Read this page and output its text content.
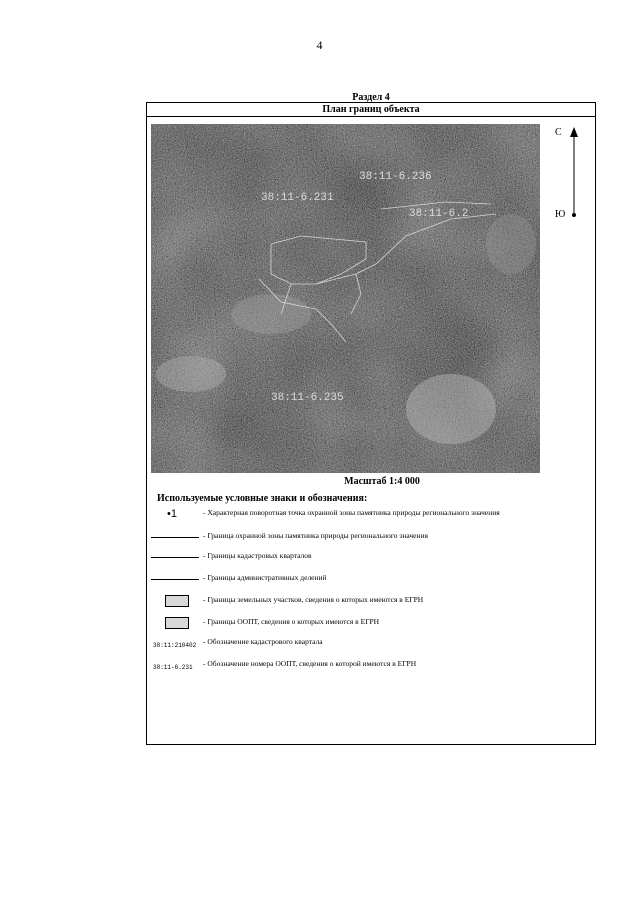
4
Раздел 4
План границ объекта
38:11-6.236
38:11-6.231
38:11-6.2
38:11-6.235
С
Ю
Масштаб 1:4 000
Используемые условные знаки и обозначения:
•1	- Характерная поворотная точка охранной зоны памятника природы регионального значения
- Граница охранной зоны памятника природы регионального значения
- Границы кадастровых кварталов
- Границы административных делений
- Границы земельных участков, сведения о которых имеются в ЕГРН
- Границы ООПТ, сведения о которых имеются в ЕГРН
38:11:210402 - Обозначение кадастрового квартала
38:11-6.231 - Обозначение номера ООПТ, сведения о которой имеются в ЕГРН
